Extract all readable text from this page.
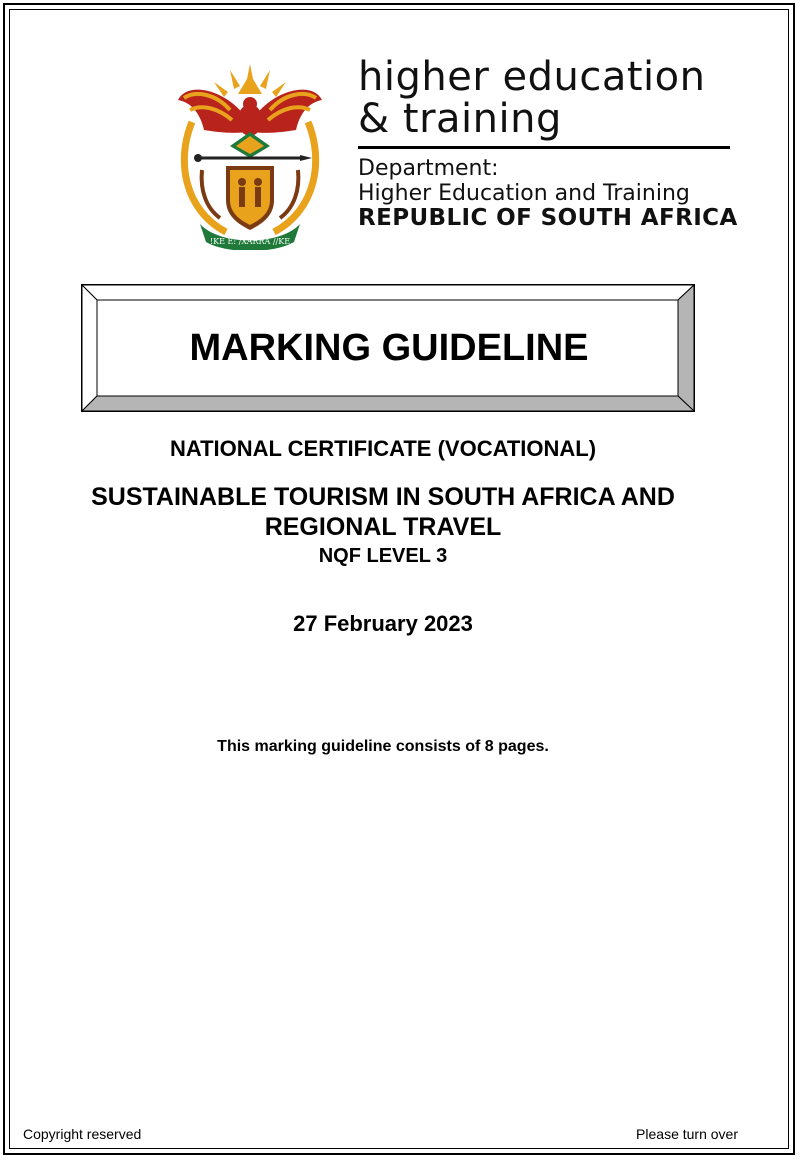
!KE E: /XARRA //KE
higher education
& training
Department:
Higher Education and Training
REPUBLIC OF SOUTH AFRICA
MARKING GUIDELINE
NATIONAL CERTIFICATE (VOCATIONAL)
SUSTAINABLE TOURISM IN SOUTH AFRICA AND
REGIONAL TRAVEL
NQF LEVEL 3
27 February 2023
This marking guideline consists of 8 pages.
Copyright reserved	Please turn over
